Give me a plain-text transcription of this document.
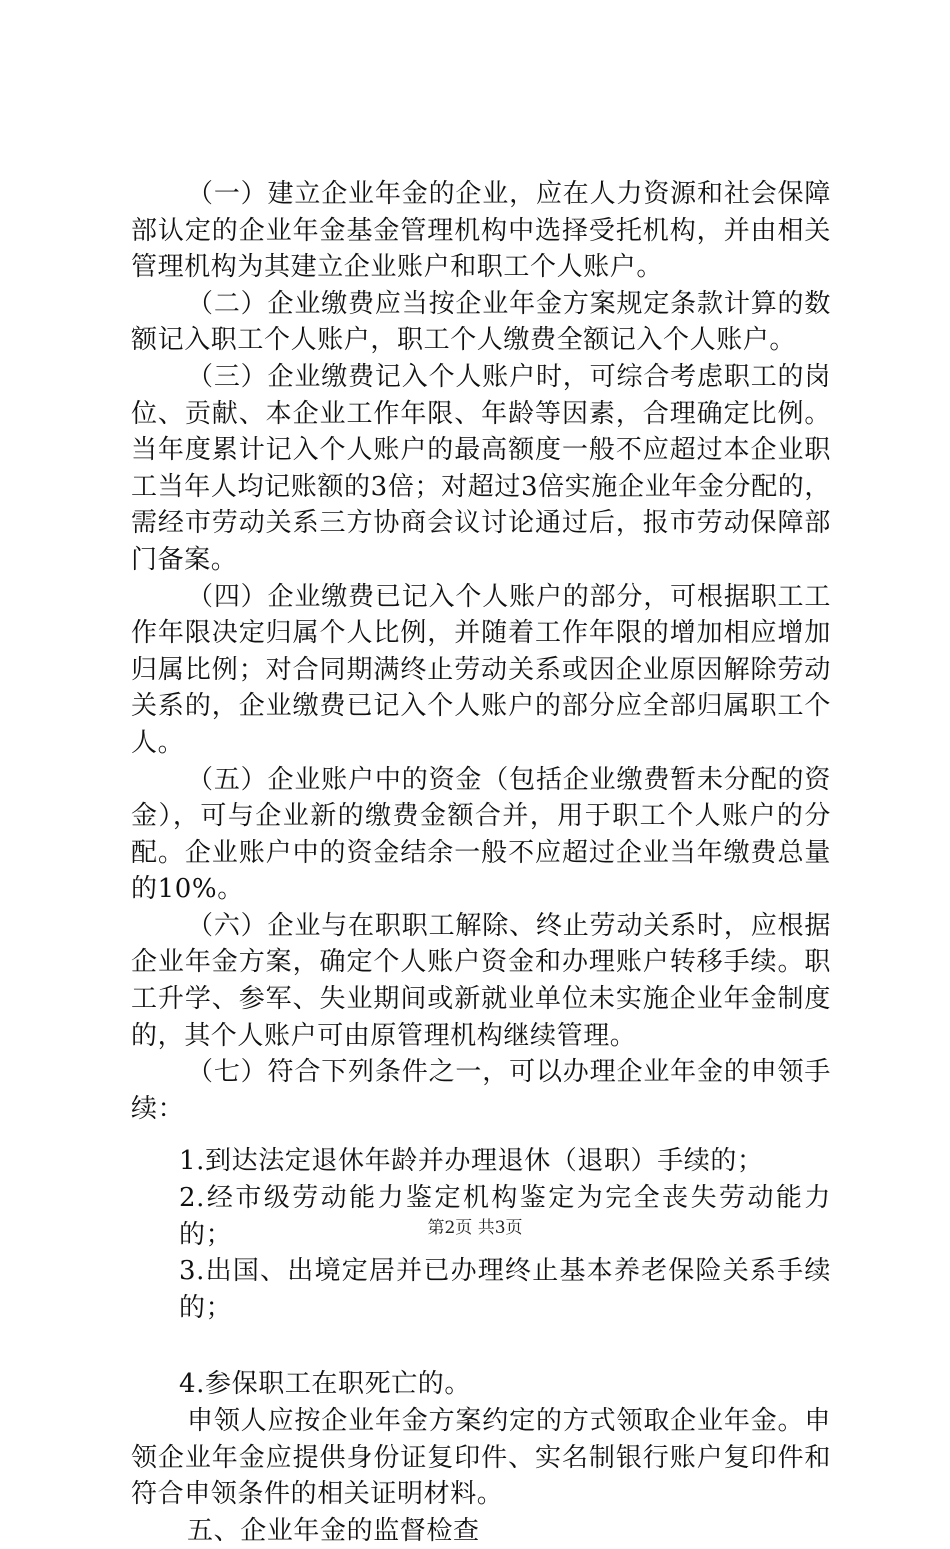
（一）建立企业年金的企业，应在人力资源和社会保障部认定的企业年金基金管理机构中选择受托机构，并由相关管理机构为其建立企业账户和职工个人账户。

（二）企业缴费应当按企业年金方案规定条款计算的数额记入职工个人账户，职工个人缴费全额记入个人账户。

（三）企业缴费记入个人账户时，可综合考虑职工的岗位、贡献、本企业工作年限、年龄等因素，合理确定比例。当年度累计记入个人账户的最高额度一般不应超过本企业职工当年人均记账额的3倍；对超过3倍实施企业年金分配的，需经市劳动关系三方协商会议讨论通过后，报市劳动保障部门备案。

（四）企业缴费已记入个人账户的部分，可根据职工工作年限决定归属个人比例，并随着工作年限的增加相应增加归属比例；对合同期满终止劳动关系或因企业原因解除劳动关系的，企业缴费已记入个人账户的部分应全部归属职工个人。

（五）企业账户中的资金（包括企业缴费暂未分配的资金），可与企业新的缴费金额合并，用于职工个人账户的分配。企业账户中的资金结余一般不应超过企业当年缴费总量的10%。

（六）企业与在职职工解除、终止劳动关系时，应根据企业年金方案，确定个人账户资金和办理账户转移手续。职工升学、参军、失业期间或新就业单位未实施企业年金制度的，其个人账户可由原管理机构继续管理。

（七）符合下列条件之一，可以办理企业年金的申领手续：

1.到达法定退休年龄并办理退休（退职）手续的；

2.经市级劳动能力鉴定机构鉴定为完全丧失劳动能力的；

3.出国、出境定居并已办理终止基本养老保险关系手续的；

4.参保职工在职死亡的。

申领人应按企业年金方案约定的方式领取企业年金。申领企业年金应提供身份证复印件、实名制银行账户复印件和符合申领条件的相关证明材料。

五、企业年金的监督检查

第2页 共3页
